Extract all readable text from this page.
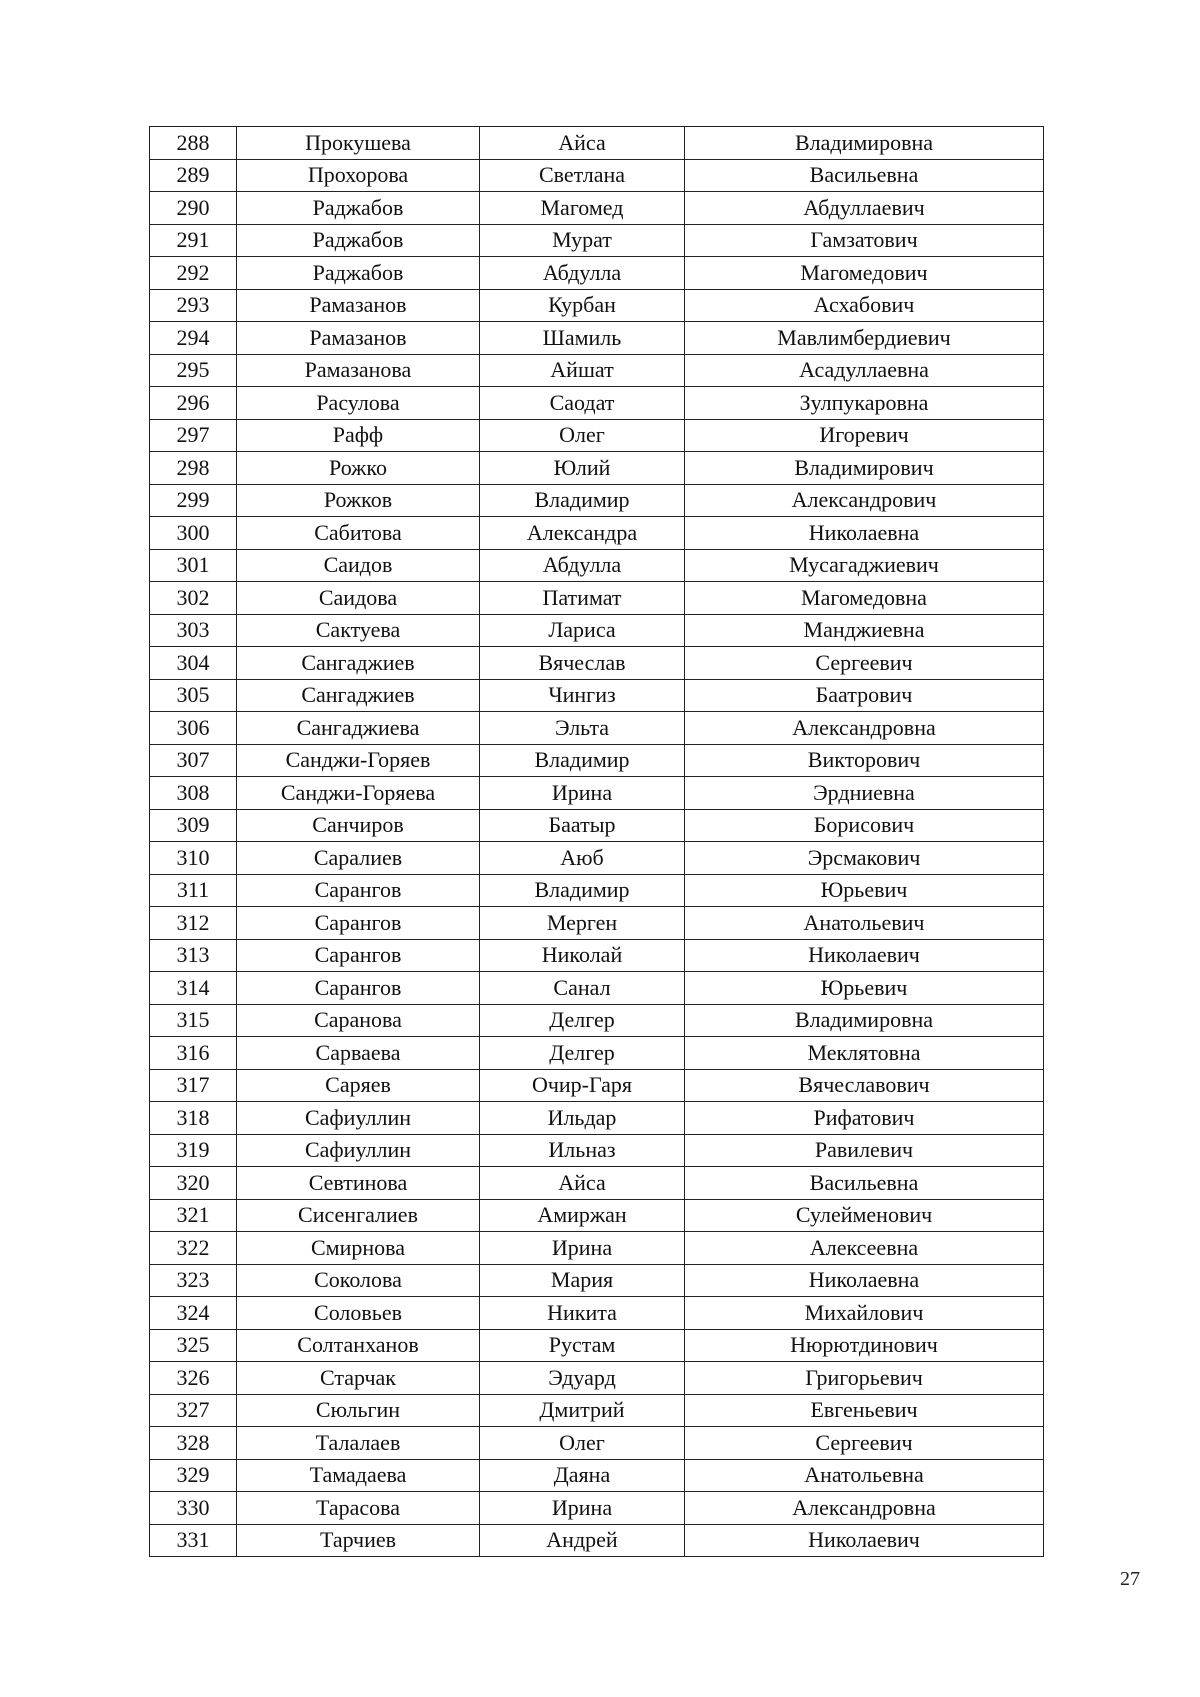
288	Прокушева	Айса	Владимировна
289	Прохорова	Светлана	Васильевна
290	Раджабов	Магомед	Абдуллаевич
291	Раджабов	Мурат	Гамзатович
292	Раджабов	Абдулла	Магомедович
293	Рамазанов	Курбан	Асхабович
294	Рамазанов	Шамиль	Мавлимбердиевич
295	Рамазанова	Айшат	Асадуллаевна
296	Расулова	Саодат	Зулпукаровна
297	Рафф	Олег	Игоревич
298	Рожко	Юлий	Владимирович
299	Рожков	Владимир	Александрович
300	Сабитова	Александра	Николаевна
301	Саидов	Абдулла	Мусагаджиевич
302	Саидова	Патимат	Магомедовна
303	Сактуева	Лариса	Манджиевна
304	Сангаджиев	Вячеслав	Сергеевич
305	Сангаджиев	Чингиз	Баатрович
306	Сангаджиева	Эльта	Александровна
307	Санджи-Горяев	Владимир	Викторович
308	Санджи-Горяева	Ирина	Эрдниевна
309	Санчиров	Баатыр	Борисович
310	Саралиев	Аюб	Эрсмакович
311	Сарангов	Владимир	Юрьевич
312	Сарангов	Мерген	Анатольевич
313	Сарангов	Николай	Николаевич
314	Сарангов	Санал	Юрьевич
315	Саранова	Делгер	Владимировна
316	Сарваева	Делгер	Меклятовна
317	Саряев	Очир-Гаря	Вячеславович
318	Сафиуллин	Ильдар	Рифатович
319	Сафиуллин	Ильназ	Равилевич
320	Севтинова	Айса	Васильевна
321	Сисенгалиев	Амиржан	Сулейменович
322	Смирнова	Ирина	Алексеевна
323	Соколова	Мария	Николаевна
324	Соловьев	Никита	Михайлович
325	Солтанханов	Рустам	Нюрютдинович
326	Старчак	Эдуард	Григорьевич
327	Сюльгин	Дмитрий	Евгеньевич
328	Талалаев	Олег	Сергеевич
329	Тамадаева	Даяна	Анатольевна
330	Тарасова	Ирина	Александровна
331	Тарчиев	Андрей	Николаевич
27
